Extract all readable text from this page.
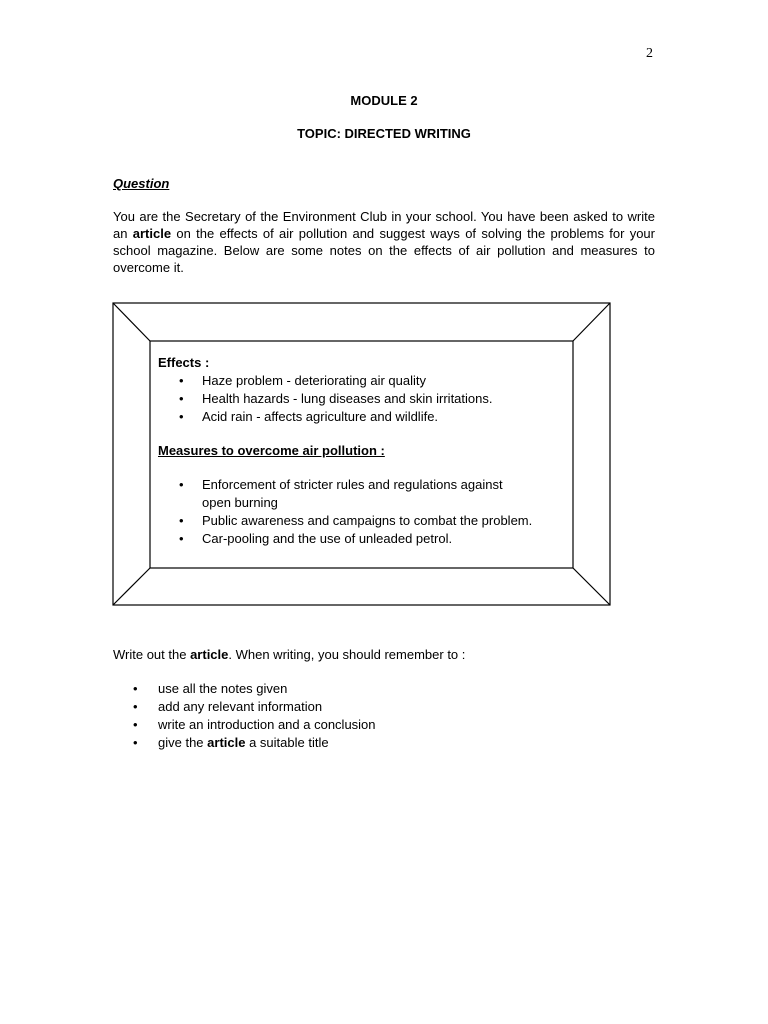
2
MODULE 2
TOPIC: DIRECTED WRITING
Question
You are the Secretary of the Environment Club in your school. You have been asked to write an article on the effects of air pollution and suggest ways of solving the problems for your school magazine. Below are some notes on the effects of air pollution and measures to overcome it.
Effects :
• Haze problem - deteriorating air quality
• Health hazards - lung diseases and skin irritations.
• Acid rain - affects agriculture and wildlife.
Measures to overcome air pollution :
• Enforcement of stricter rules and regulations against open burning
• Public awareness and campaigns to combat the problem.
• Car-pooling and the use of unleaded petrol.
Write out the article. When writing, you should remember to :
• use all the notes given
• add any relevant information
• write an introduction and a conclusion
• give the article a suitable title
